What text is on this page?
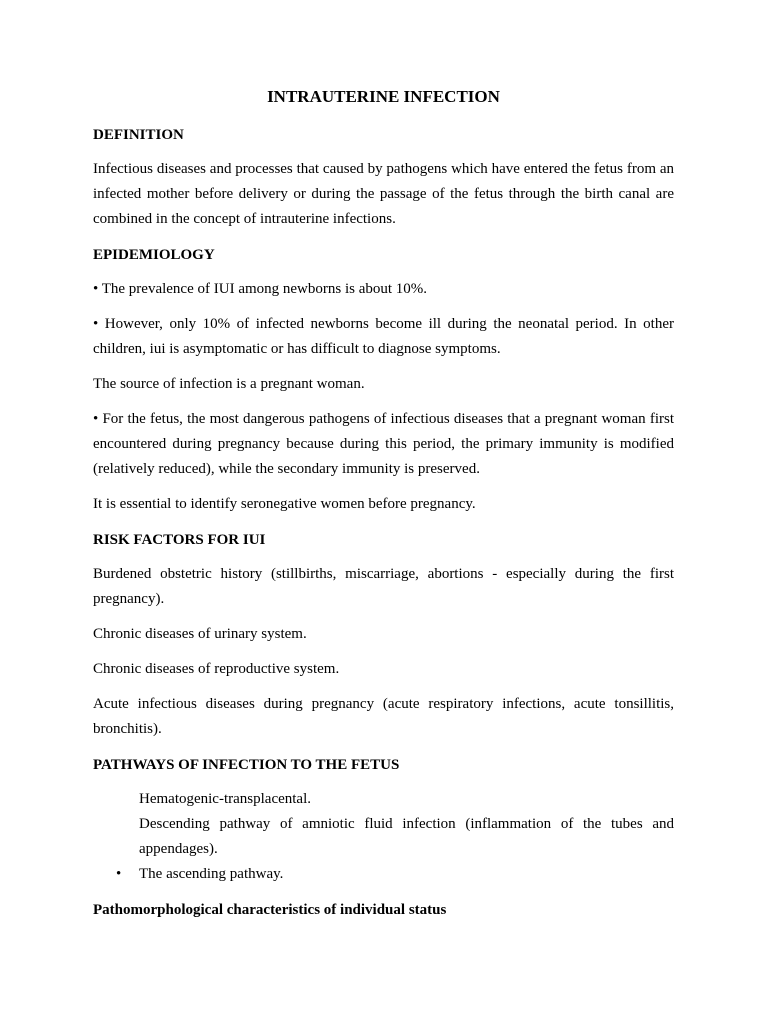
INTRAUTERINE INFECTION
DEFINITION

Infectious diseases and processes that caused by pathogens which have entered the fetus from an infected mother before delivery or during the passage of the fetus through the birth canal are combined in the concept of intrauterine infections.

EPIDEMIOLOGY

• The prevalence of IUI among newborns is about 10%.

• However, only 10% of infected newborns become ill during the neonatal period. In other children, iui is asymptomatic or has difficult to diagnose symptoms.

The source of infection is a pregnant woman.

• For the fetus, the most dangerous pathogens of infectious diseases that a pregnant woman first encountered during pregnancy because during this period, the primary immunity is modified (relatively reduced), while the secondary immunity is preserved.

It is essential to identify seronegative women before pregnancy.

RISK FACTORS FOR IUI

Burdened obstetric history (stillbirths, miscarriage, abortions - especially during the first pregnancy).

Chronic diseases of urinary system.

Chronic diseases of reproductive system.

Acute infectious diseases during pregnancy (acute respiratory infections, acute tonsillitis, bronchitis).

PATHWAYS OF INFECTION TO THE FETUS

Hematogenic-transplacental.

Descending pathway of amniotic fluid infection (inflammation of the tubes and appendages).

• The ascending pathway.

Pathomorphological characteristics of individual status
